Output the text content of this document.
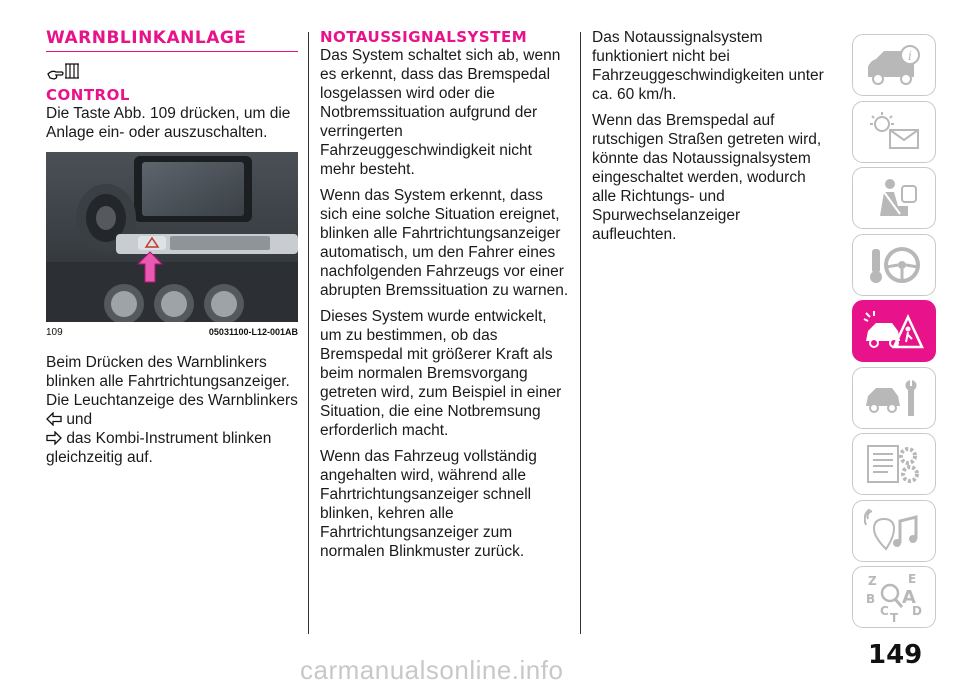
WARNBLINKANLAGE
CONTROL

Die Taste Abb. 109 drücken, um die Anlage ein- oder auszuschalten.

109	05031100-L12-001AB

Beim Drücken des Warnblinkers blinken alle Fahrtrichtungsanzeiger. Die Leuchtanzeige des Warnblinkers  und
das Kombi-Instrument blinken gleichzeitig auf.

NOTAUSSIGNALSYSTEM

Das System schaltet sich ab, wenn es erkennt, dass das Bremspedal losgelassen wird oder die Notbremssituation aufgrund der verringerten Fahrzeuggeschwindigkeit nicht mehr besteht.

Wenn das System erkennt, dass sich eine solche Situation ereignet, blinken alle Fahrtrichtungsanzeiger automatisch, um den Fahrer eines nachfolgenden Fahrzeugs vor einer abrupten Bremssituation zu warnen.

Dieses System wurde entwickelt, um zu bestimmen, ob das Bremspedal mit größerer Kraft als beim normalen Bremsvorgang getreten wird, zum Beispiel in einer Situation, die eine Notbremsung erforderlich macht.

Wenn das Fahrzeug vollständig angehalten wird, während alle Fahrtrichtungsanzeiger schnell blinken, kehren alle Fahrtrichtungsanzeiger zum normalen Blinkmuster zurück.

Das Notaussignalsystem funktioniert nicht bei Fahrzeuggeschwindigkeiten unter ca. 60 km/h.

Wenn das Bremspedal auf rutschigen Straßen getreten wird, könnte das Notaussignalsystem eingeschaltet werden, wodurch alle Richtungs- und Spurwechselanzeiger aufleuchten.

i
Z	E
B A
C D
T
149
carmanualsonline.info
